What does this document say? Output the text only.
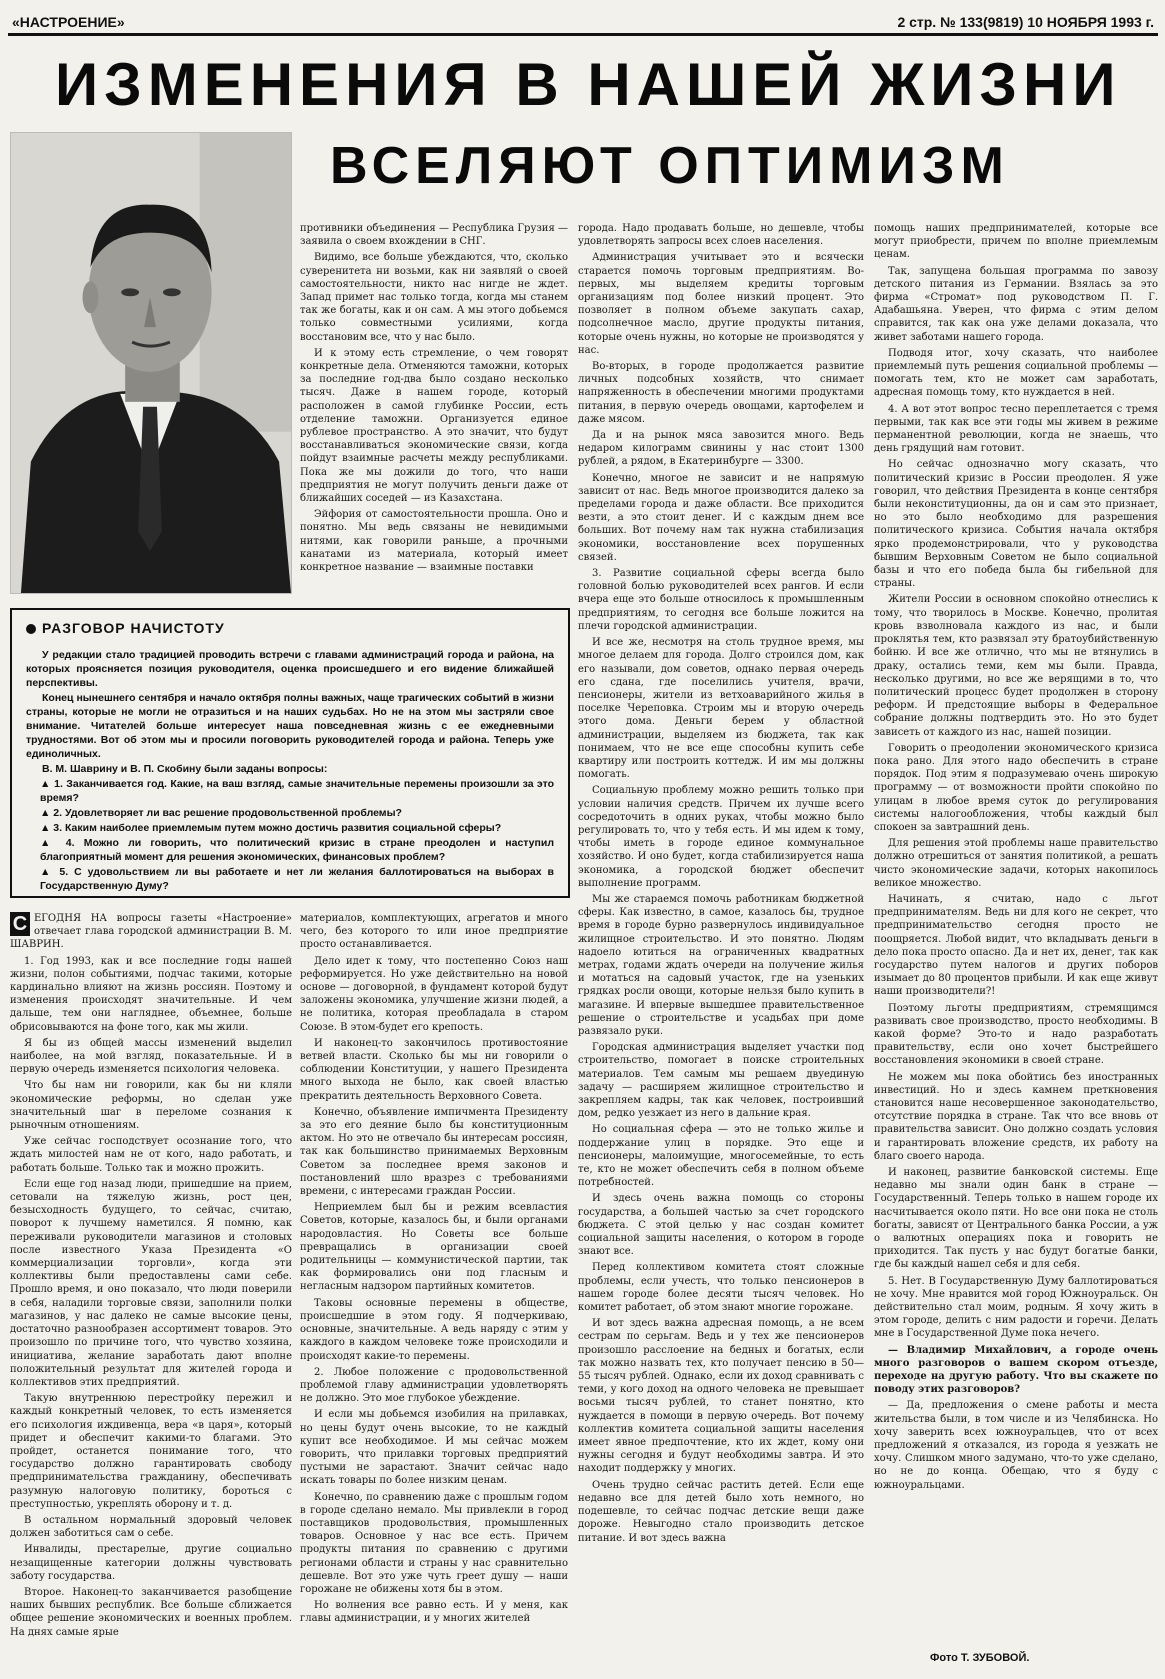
«НАСТРОЕНИЕ»	2 стр. № 133(9819) 10 НОЯБРЯ 1993 г.
ИЗМЕНЕНИЯ В НАШЕЙ ЖИЗНИ
ВСЕЛЯЮТ ОПТИМИЗМ

противники объединения — Республика Грузия — заявила о своем вхождении в СНГ.

Видимо, все больше убеждаются, что, сколько суверенитета ни возьми, как ни заявляй о своей самостоятельности, никто нас нигде не ждет. Запад примет нас только тогда, когда мы станем так же богаты, как и он сам. А мы этого добьемся только совместными усилиями, когда восстановим все, что у нас было.

И к этому есть стремление, о чем говорят конкретные дела. Отменяются таможни, которых за последние год-два было создано несколько тысяч. Даже в нашем городе, который расположен в самой глубинке России, есть отделение таможни. Организуется единое рублевое пространство. А это значит, что будут восстанавливаться экономические связи, когда пойдут взаимные расчеты между республиками. Пока же мы дожили до того, что наши предприятия не могут получить деньги даже от ближайших соседей — из Казахстана.

Эйфория от самостоятельности прошла. Оно и понятно. Мы ведь связаны не невидимыми нитями, как говорили раньше, а прочными канатами из материала, который имеет конкретное название — взаимные поставки

города. Надо продавать больше, но дешевле, чтобы удовлетворять запросы всех слоев населения.

Администрация учитывает это и всячески старается помочь торговым предприятиям. Во-первых, мы выделяем кредиты торговым организациям под более низкий процент. Это позволяет в полном объеме закупать сахар, подсолнечное масло, другие продукты питания, которые очень нужны, но которые не производятся у нас.

Во-вторых, в городе продолжается развитие личных подсобных хозяйств, что снимает напряженность в обеспечении многими продуктами питания, в первую очередь овощами, картофелем и даже мясом.

Да и на рынок мяса завозится много. Ведь недаром килограмм свинины у нас стоит 1300 рублей, а рядом, в Екатеринбурге — 3300.

Конечно, многое не зависит и не напрямую зависит от нас. Ведь многое производится далеко за пределами города и даже области. Все приходится везти, а это стоит денег. И с каждым днем все больших. Вот почему нам так нужна стабилизация экономики, восстановление всех порушенных связей.

3. Развитие социальной сферы всегда было головной болью руководителей всех рангов. И если вчера еще это больше относилось к промышленным предприятиям, то сегодня все больше ложится на плечи городской администрации.

И все же, несмотря на столь трудное время, мы многое делаем для города. Долго строился дом, как его называли, дом советов, однако первая очередь его сдана, где поселились учителя, врачи, пенсионеры, жители из ветхоаварийного жилья в поселке Череповка. Строим мы и вторую очередь этого дома. Деньги берем у областной администрации, выделяем из бюджета, так как понимаем, что не все еще способны купить себе квартиру или построить коттедж. И им мы должны помогать.

Социальную проблему можно решить только при условии наличия средств. Причем их лучше всего сосредоточить в одних руках, чтобы можно было регулировать то, что у тебя есть. И мы идем к тому, чтобы иметь в городе единое коммунальное хозяйство. И оно будет, когда стабилизируется наша экономика, а городской бюджет обеспечит выполнение программ.

Мы же стараемся помочь работникам бюджетной сферы. Как известно, в самое, казалось бы, трудное время в городе бурно развернулось индивидуальное жилищное строительство. И это понятно. Людям надоело ютиться на ограниченных квадратных метрах, годами ждать очереди на получение жилья и мотаться на садовый участок, где на узеньких грядках росли овощи, которые нельзя было купить в магазине. И впервые вышедшее правительственное решение о строительстве и усадьбах при доме развязало руки.

Городская администрация выделяет участки под строительство, помогает в поиске строительных материалов. Тем самым мы решаем двуединую задачу — расширяем жилищное строительство и закрепляем кадры, так как человек, построивший дом, редко уезжает из него в дальние края.

Но социальная сфера — это не только жилье и поддержание улиц в порядке. Это еще и пенсионеры, малоимущие, многосемейные, то есть те, кто не может обеспечить себя в полном объеме потребностей.

И здесь очень важна помощь со стороны государства, а большей частью за счет городского бюджета. С этой целью у нас создан комитет социальной защиты населения, о котором в городе знают все.

Перед коллективом комитета стоят сложные проблемы, если учесть, что только пенсионеров в нашем городе более десяти тысяч человек. Но комитет работает, об этом знают многие горожане.

И вот здесь важна адресная помощь, а не всем сестрам по серьгам. Ведь и у тех же пенсионеров произошло расслоение на бедных и богатых, если так можно назвать тех, кто получает пенсию в 50—55 тысяч рублей. Однако, если их доход сравнивать с теми, у кого доход на одного человека не превышает восьми тысяч рублей, то станет понятно, кто нуждается в помощи в первую очередь. Вот почему коллектив комитета социальной защиты населения имеет явное предпочтение, кто их ждет, кому они нужны сегодня и будут необходимы завтра. И это находит поддержку у многих.

Очень трудно сейчас растить детей. Если еще недавно все для детей было хоть немного, но подешевле, то сейчас подчас детские вещи даже дороже. Невыгодно стало производить детское питание. И вот здесь важна

помощь наших предпринимателей, которые все могут приобрести, причем по вполне приемлемым ценам.

Так, запущена большая программа по завозу детского питания из Германии. Взялась за это фирма «Стромат» под руководством П. Г. Адабашьяна. Уверен, что фирма с этим делом справится, так как она уже делами доказала, что живет заботами нашего города.

Подводя итог, хочу сказать, что наиболее приемлемый путь решения социальной проблемы — помогать тем, кто не может сам заработать, адресная помощь тому, кто нуждается в ней.

4. А вот этот вопрос тесно переплетается с тремя первыми, так как все эти годы мы живем в режиме перманентной революции, когда не знаешь, что день грядущий нам готовит.

Но сейчас однозначно могу сказать, что политический кризис в России преодолен. Я уже говорил, что действия Президента в конце сентября были неконституционны, да он и сам это признает, но это было необходимо для разрешения политического кризиса. События начала октября ярко продемонстрировали, что у руководства бывшим Верховным Советом не было социальной базы и что его победа была бы гибельной для страны.

Жители России в основном спокойно отнеслись к тому, что творилось в Москве. Конечно, пролитая кровь взволновала каждого из нас, и были проклятья тем, кто развязал эту братоубийственную бойню. И все же отлично, что мы не втянулись в драку, остались теми, кем мы были. Правда, несколько другими, но все же верящими в то, что политический процесс будет продолжен в сторону реформ. И предстоящие выборы в Федеральное собрание должны подтвердить это. Но это будет зависеть от каждого из нас, нашей позиции.

Говорить о преодолении экономического кризиса пока рано. Для этого надо обеспечить в стране порядок. Под этим я подразумеваю очень широкую программу — от возможности пройти спокойно по улицам в любое время суток до регулирования системы налогообложения, чтобы каждый был спокоен за завтрашний день.

Для решения этой проблемы наше правительство должно отрешиться от занятия политикой, а решать чисто экономические задачи, которых накопилось великое множество.

Начинать, я считаю, надо с льгот предпринимателям. Ведь ни для кого не секрет, что предпринимательство сегодня просто не поощряется. Любой видит, что вкладывать деньги в дело пока просто опасно. Да и нет их, денег, так как государство путем налогов и других поборов изымает до 80 процентов прибыли. И как еще живут наши производители?!

Поэтому льготы предприятиям, стремящимся развивать свое производство, просто необходимы. В какой форме? Это-то и надо разработать правительству, если оно хочет быстрейшего восстановления экономики в своей стране.

Не можем мы пока обойтись без иностранных инвестиций. Но и здесь камнем преткновения становится наше несовершенное законодательство, отсутствие порядка в стране. Так что все вновь от правительства зависит. Оно должно создать условия и гарантировать вложение средств, их работу на благо своего народа.

И наконец, развитие банковской системы. Еще недавно мы знали один банк в стране — Государственный. Теперь только в нашем городе их насчитывается около пяти. Но все они пока не столь богаты, зависят от Центрального банка России, а уж о валютных операциях пока и говорить не приходится. Так пусть у нас будут богатые банки, где бы каждый нашел себя и для себя.

5. Нет. В Государственную Думу баллотироваться не хочу. Мне нравится мой город Южноуральск. Он действительно стал моим, родным. Я хочу жить в этом городе, делить с ним радости и горечи. Делать мне в Государственной Думе пока нечего.

— Владимир Михайлович, а городе очень много разговоров о вашем скором отъезде, переходе на другую работу. Что вы скажете по поводу этих разговоров?

— Да, предложения о смене работы и места жительства были, в том числе и из Челябинска. Но хочу заверить всех южноуральцев, что от всех предложений я отказался, из города я уезжать не хочу. Слишком много задумано, что-то уже сделано, но не до конца. Обещаю, что я буду с южноуральцами.

РАЗГОВОР НАЧИСТОТУ

У редакции стало традицией проводить встречи с главами администраций города и района, на которых проясняется позиция руководителя, оценка происшедшего и его видение ближайшей перспективы.

Конец нынешнего сентября и начало октября полны важных, чаще трагических событий в жизни страны, которые не могли не отразиться и на наших судьбах. Но не на этом мы застряли свое внимание. Читателей больше интересует наша повседневная жизнь с ее ежедневными трудностями. Вот об этом мы и просили поговорить руководителей города и района. Теперь уже единоличных.

В. М. Шаврину и В. П. Скобину были заданы вопросы:

▲ 1. Заканчивается год. Какие, на ваш взгляд, самые значительные перемены произошли за это время?

▲ 2. Удовлетворяет ли вас решение продовольственной проблемы?

▲ 3. Каким наиболее приемлемым путем можно достичь развития социальной сферы?

▲ 4. Можно ли говорить, что политический кризис в стране преодолен и наступил благоприятный момент для решения экономических, финансовых проблем?

▲ 5. С удовольствием ли вы работаете и нет ли желания баллотироваться на выборах в Государственную Думу?

С ЕГОДНЯ НА вопросы газеты «Настроение» отвечает глава городской администрации В. М. ШАВРИН.

1. Год 1993, как и все последние годы нашей жизни, полон событиями, подчас такими, которые кардинально влияют на жизнь россиян. Поэтому и изменения происходят значительные. И чем дальше, тем они нагляднее, объемнее, больше обрисовываются на фоне того, как мы жили.

Я бы из общей массы изменений выделил наиболее, на мой взгляд, показательные. И в первую очередь изменяется психология человека.

Что бы нам ни говорили, как бы ни кляли экономические реформы, но сделан уже значительный шаг в переломе сознания к рыночным отношениям.

Уже сейчас господствует осознание того, что ждать милостей нам не от кого, надо работать, и работать больше. Только так и можно прожить.

Если еще год назад люди, пришедшие на прием, сетовали на тяжелую жизнь, рост цен, безысходность будущего, то сейчас, считаю, поворот к лучшему наметился. Я помню, как переживали руководители магазинов и столовых после известного Указа Президента «О коммерциализации торговли», когда эти коллективы были предоставлены сами себе. Прошло время, и оно показало, что люди поверили в себя, наладили торговые связи, заполнили полки магазинов, у нас далеко не самые высокие цены, достаточно разнообразен ассортимент товаров. Это произошло по причине того, что чувство хозяина, инициатива, желание заработать дают вполне положительный результат для жителей города и коллективов этих предприятий.

Такую внутреннюю перестройку пережил и каждый конкретный человек, то есть изменяется его психология иждивенца, вера «в царя», который придет и обеспечит какими-то благами. Это пройдет, останется понимание того, что государство должно гарантировать свободу предпринимательства гражданину, обеспечивать разумную налоговую политику, бороться с преступностью, укреплять оборону и т. д.

В остальном нормальный здоровый человек должен заботиться сам о себе.

Инвалиды, престарелые, другие социально незащищенные категории должны чувствовать заботу государства.

Второе. Наконец-то заканчивается разобщение наших бывших республик. Все больше сближается общее решение экономических и военных проблем. На днях самые ярые

материалов, комплектующих, агрегатов и много чего, без которого то или иное предприятие просто останавливается.

Дело идет к тому, что постепенно Союз наш реформируется. Но уже действительно на новой основе — договорной, в фундамент которой будут заложены экономика, улучшение жизни людей, а не политика, которая преобладала в старом Союзе. В этом-будет его крепость.

И наконец-то закончилось противостояние ветвей власти. Сколько бы мы ни говорили о соблюдении Конституции, у нашего Президента много выхода не было, как своей властью прекратить деятельность Верховного Совета.

Конечно, объявление импичмента Президенту за это его деяние было бы конституционным актом. Но это не отвечало бы интересам россиян, так как большинство принимаемых Верховным Советом за последнее время законов и постановлений шло вразрез с требованиями времени, с интересами граждан России.

Неприемлем был бы и режим всевластия Советов, которые, казалось бы, и были органами народовластия. Но Советы все больше превращались в организации своей родительницы — коммунистической партии, так как формировались они под гласным и негласным надзором партийных комитетов.

Таковы основные перемены в обществе, происшедшие в этом году. Я подчеркиваю, основные, значительные. А ведь наряду с этим у каждого в каждом человеке тоже происходили и происходят какие-то перемены.

2. Любое положение с продовольственной проблемой главу администрации удовлетворять не должно. Это мое глубокое убеждение.

И если мы добьемся изобилия на прилавках, но цены будут очень высокие, то не каждый купит все необходимое. И мы сейчас можем говорить, что прилавки торговых предприятий пустыми не зарастают. Значит сейчас надо искать товары по более низким ценам.

Конечно, по сравнению даже с прошлым годом в городе сделано немало. Мы привлекли в город поставщиков продовольствия, промышленных товаров. Основное у нас все есть. Причем продукты питания по сравнению с другими регионами области и страны у нас сравнительно дешевле. Вот это уже чуть греет душу — наши горожане не обижены хотя бы в этом.

Но волнения все равно есть. И у меня, как главы администрации, и у многих жителей

Фото Т. ЗУБОВОЙ.
